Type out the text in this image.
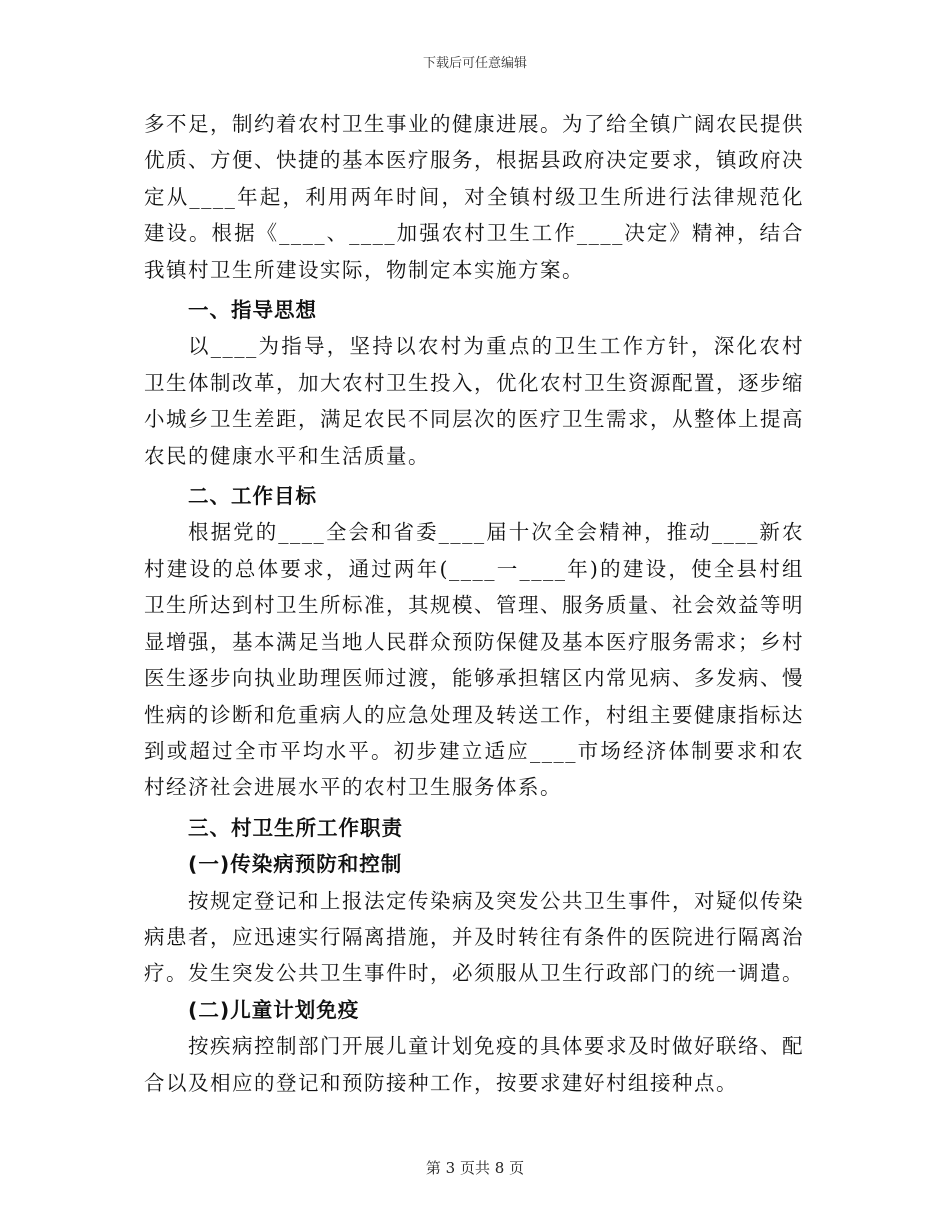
下载后可任意编辑

多不足，制约着农村卫生事业的健康进展。为了给全镇广阔农民提供优质、方便、快捷的基本医疗服务，根据县政府决定要求，镇政府决定从____年起，利用两年时间，对全镇村级卫生所进行法律规范化建设。根据《____、____加强农村卫生工作____决定》精神，结合我镇村卫生所建设实际，物制定本实施方案。

一、指导思想

以____为指导，坚持以农村为重点的卫生工作方针，深化农村卫生体制改革，加大农村卫生投入，优化农村卫生资源配置，逐步缩小城乡卫生差距，满足农民不同层次的医疗卫生需求，从整体上提高农民的健康水平和生活质量。

二、工作目标

根据党的____全会和省委____届十次全会精神，推动____新农村建设的总体要求，通过两年(____一____年)的建设，使全县村组卫生所达到村卫生所标准，其规模、管理、服务质量、社会效益等明显增强，基本满足当地人民群众预防保健及基本医疗服务需求；乡村医生逐步向执业助理医师过渡，能够承担辖区内常见病、多发病、慢性病的诊断和危重病人的应急处理及转送工作，村组主要健康指标达到或超过全市平均水平。初步建立适应____市场经济体制要求和农村经济社会进展水平的农村卫生服务体系。

三、村卫生所工作职责

(一)传染病预防和控制

按规定登记和上报法定传染病及突发公共卫生事件，对疑似传染病患者，应迅速实行隔离措施，并及时转往有条件的医院进行隔离治疗。发生突发公共卫生事件时，必须服从卫生行政部门的统一调遣。

(二)儿童计划免疫

按疾病控制部门开展儿童计划免疫的具体要求及时做好联络、配合以及相应的登记和预防接种工作，按要求建好村组接种点。

第 3 页共 8 页
